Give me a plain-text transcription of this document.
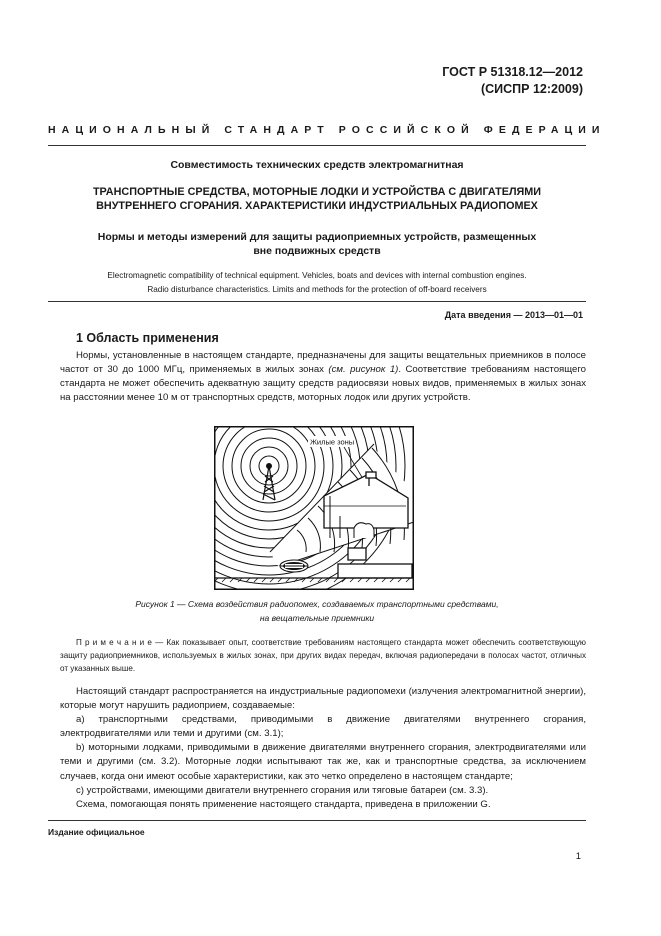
ГОСТ Р 51318.12—2012
(СИСПР 12:2009)
НАЦИОНАЛЬНЫЙ СТАНДАРТ РОССИЙСКОЙ ФЕДЕРАЦИИ
Совместимость технических средств электромагнитная
ТРАНСПОРТНЫЕ СРЕДСТВА, МОТОРНЫЕ ЛОДКИ И УСТРОЙСТВА С ДВИГАТЕЛЯМИ
ВНУТРЕННЕГО СГОРАНИЯ. ХАРАКТЕРИСТИКИ ИНДУСТРИАЛЬНЫХ РАДИОПОМЕХ
Нормы и методы измерений для защиты радиоприемных устройств, размещенных
вне подвижных средств
Electromagnetic compatibility of technical equipment. Vehicles, boats and devices with internal combustion engines.
Radio disturbance characteristics. Limits and methods for the protection of off-board receivers
Дата введения — 2013—01—01
1 Область применения

Нормы, установленные в настоящем стандарте, предназначены для защиты вещательных приемников в полосе частот от 30 до 1000 МГц, применяемых в жилых зонах (см. рисунок 1). Соответствие требованиям настоящего стандарта не может обеспечить адекватную защиту средств радиосвязи новых видов, применяемых в жилых зонах на расстоянии менее 10 м от транспортных средств, моторных лодок или других устройств.

Жилые зоны
Рисунок 1 — Схема воздействия радиопомех, создаваемых транспортными средствами,
на вещательные приемники

П р и м е ч а н и е — Как показывает опыт, соответствие требованиям настоящего стандарта может обеспечить соответствующую защиту радиоприемников, используемых в жилых зонах, при других видах передач, включая радиопередачи в полосах частот, отличных от указанных выше.

Настоящий стандарт распространяется на индустриальные радиопомехи (излучения электромагнитной энергии), которые могут нарушить радиоприем, создаваемые:

a) транспортными средствами, приводимыми в движение двигателями внутреннего сгорания, электродвигателями или теми и другими (см. 3.1);

b) моторными лодками, приводимыми в движение двигателями внутреннего сгорания, электродвигателями или теми и другими (см. 3.2). Моторные лодки испытывают так же, как и транспортные средства, за исключением случаев, когда они имеют особые характеристики, как это четко определено в настоящем стандарте;

c) устройствами, имеющими двигатели внутреннего сгорания или тяговые батареи (см. 3.3).

Схема, помогающая понять применение настоящего стандарта, приведена в приложении G.

Издание официальное
1
